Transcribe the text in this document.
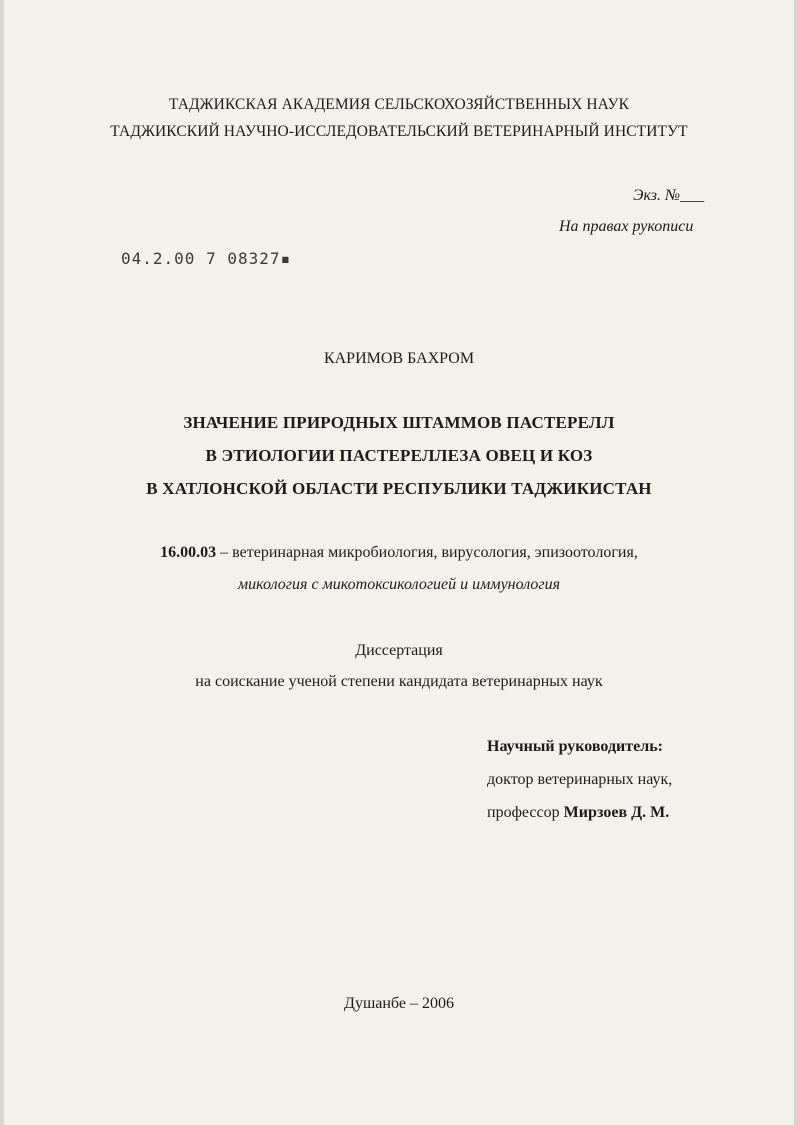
ТАДЖИКСКАЯ АКАДЕМИЯ СЕЛЬСКОХОЗЯЙСТВЕННЫХ НАУК
ТАДЖИКСКИЙ НАУЧНО-ИССЛЕДОВАТЕЛЬСКИЙ ВЕТЕРИНАРНЫЙ ИНСТИТУТ
Экз. №___
На правах рукописи
04.2.00 7 08327▪
КАРИМОВ БАХРОМ
ЗНАЧЕНИЕ ПРИРОДНЫХ ШТАММОВ ПАСТЕРЕЛЛ
В ЭТИОЛОГИИ ПАСТЕРЕЛЛЕЗА ОВЕЦ И КОЗ
В ХАТЛОНСКОЙ ОБЛАСТИ РЕСПУБЛИКИ ТАДЖИКИСТАН
16.00.03 – ветеринарная микробиология, вирусология, эпизоотология,
микология с микотоксикологией и иммунология
Диссертация
на соискание ученой степени кандидата ветеринарных наук
Научный руководитель:
доктор ветеринарных наук,
профессор Мирзоев Д. М.
Душанбе – 2006
